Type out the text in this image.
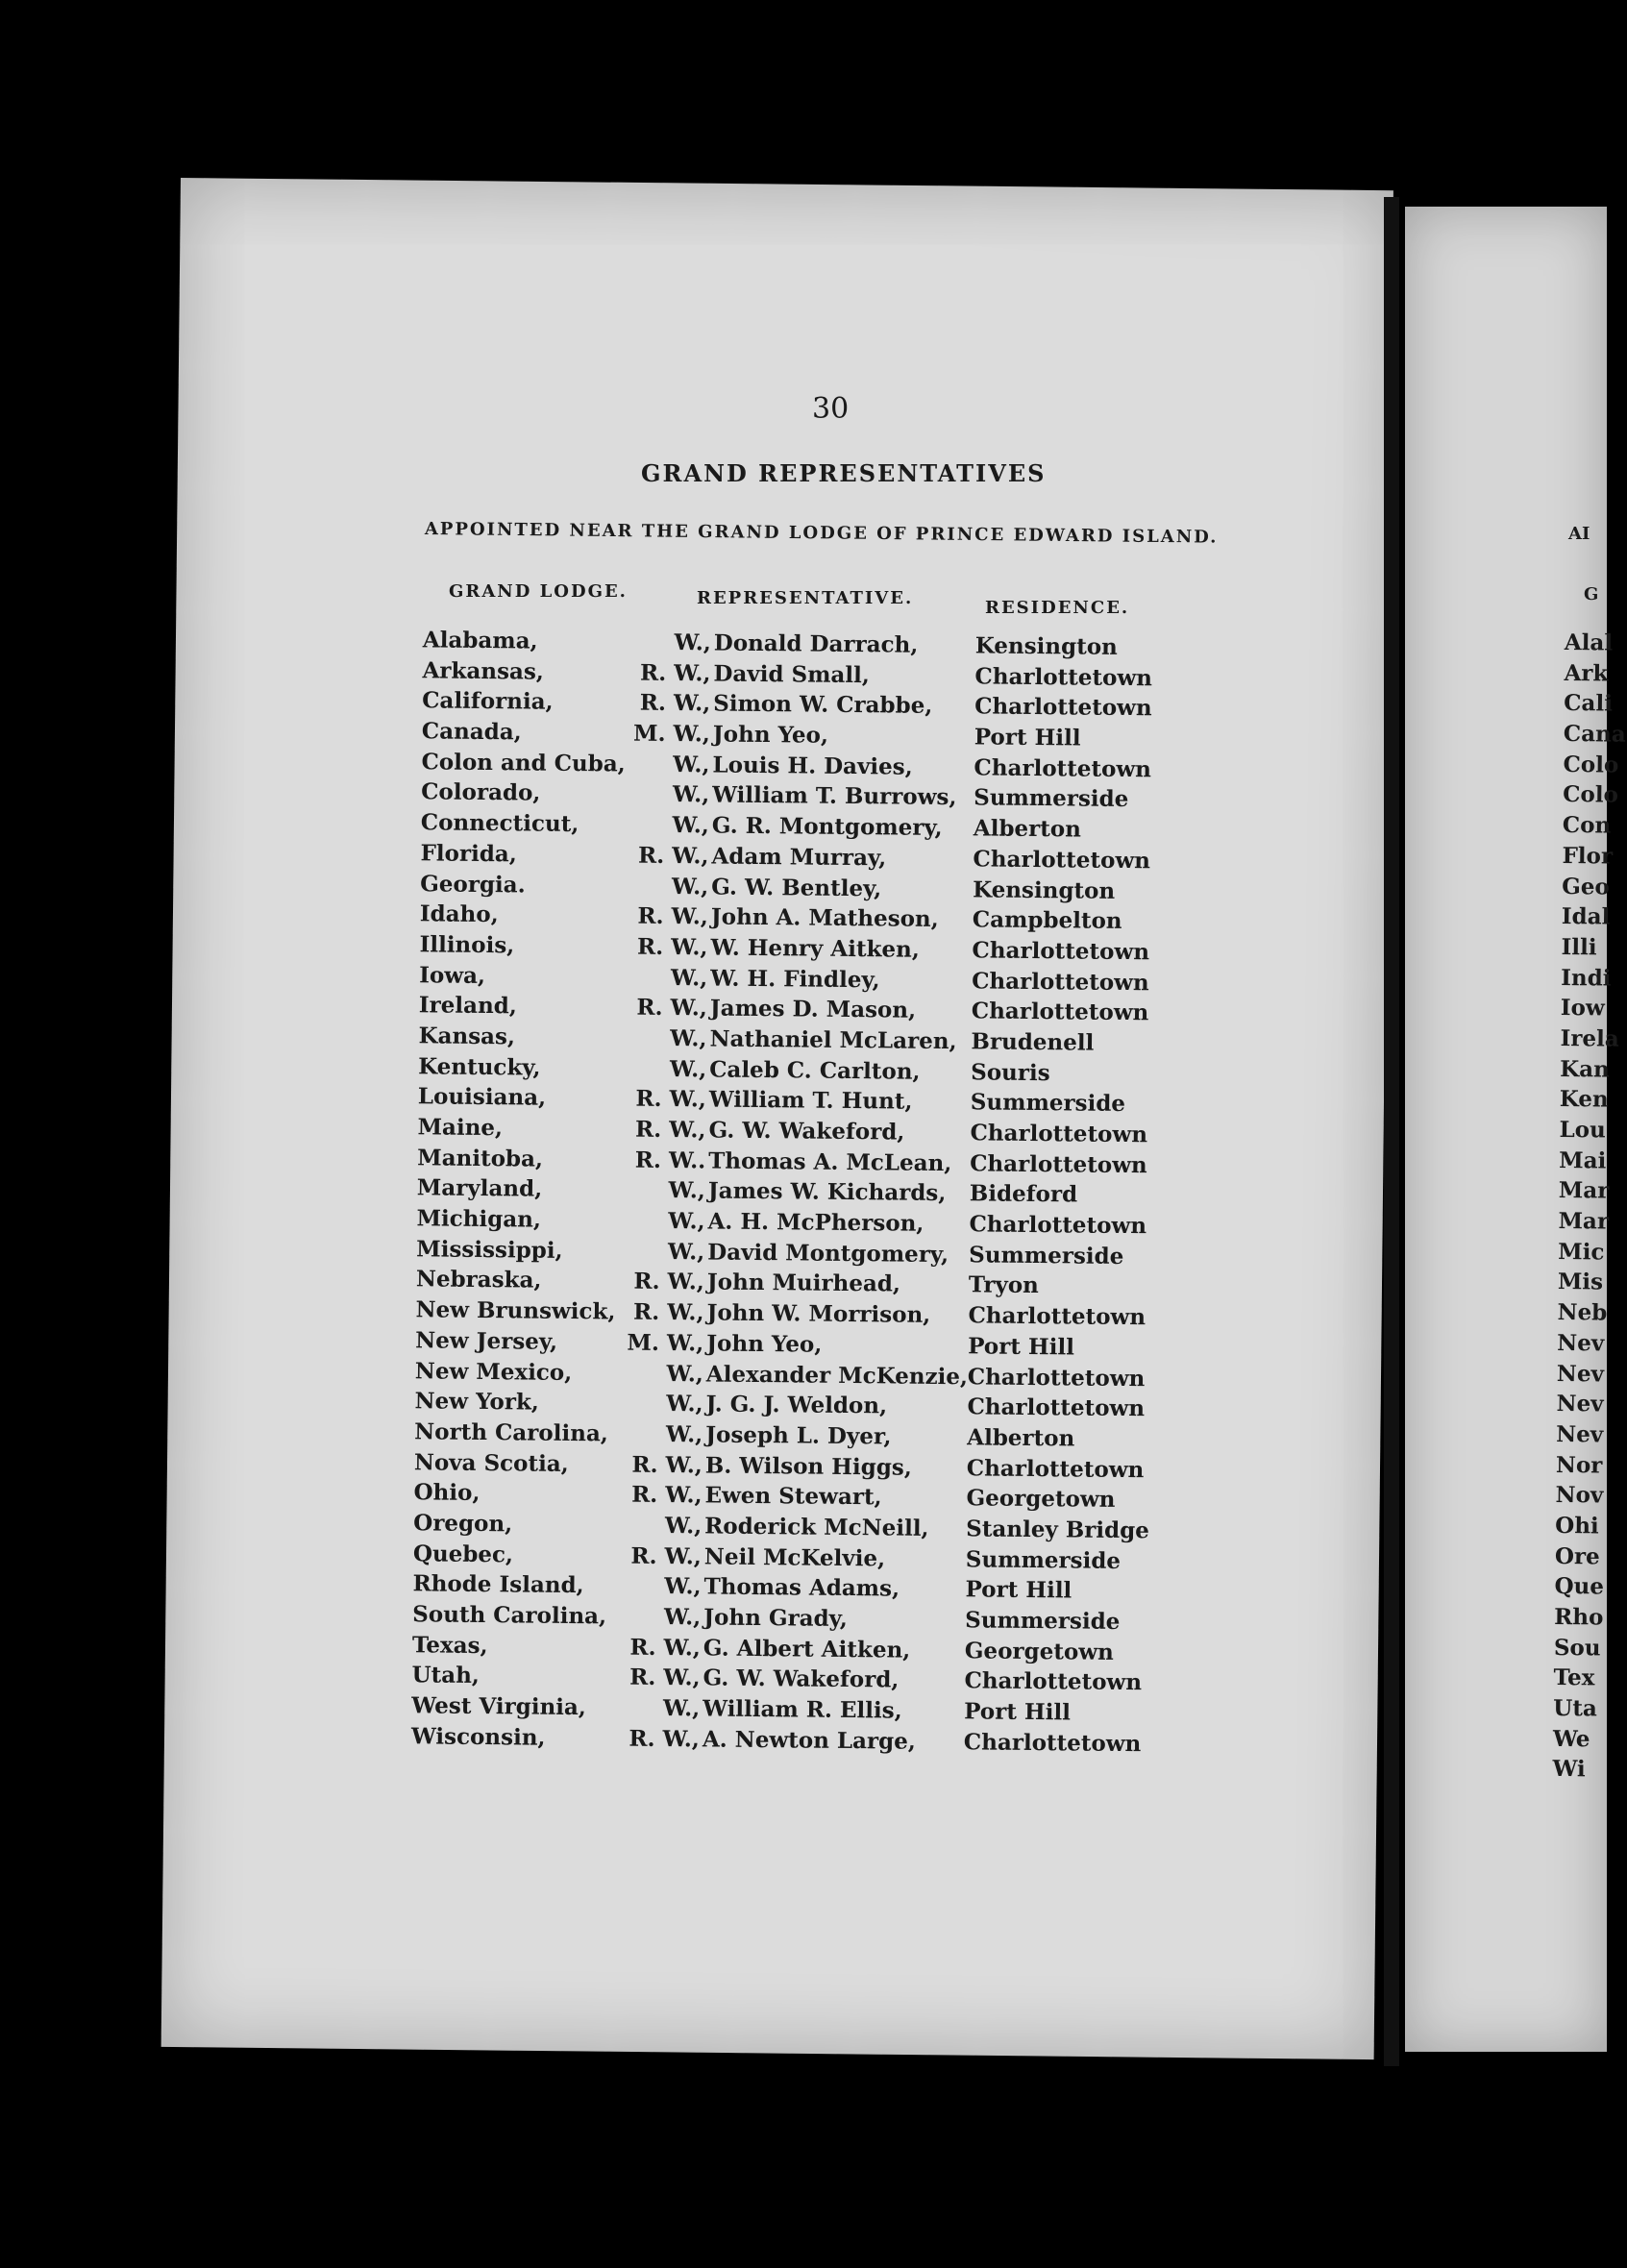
30
GRAND REPRESENTATIVES
APPOINTED NEAR THE GRAND LODGE OF PRINCE EDWARD ISLAND.
GRAND LODGE.	REPRESENTATIVE.	RESIDENCE.
Alabama,	W., Donald Darrach,	Kensington
Arkansas,	R. W., David Small,	Charlottetown
California,	R. W., Simon W. Crabbe, Charlottetown
Canada,	M. W., John Yeo,	Port Hill
Colon and Cuba,	W., Louis H. Davies,	Charlottetown
Colorado,	W., William T. Burrows, Summerside
Connecticut,	W., G. R. Montgomery, Alberton
Florida,	R. W., Adam Murray,	Charlottetown
Georgia.	W., G. W. Bentley,	Kensington
Idaho,	R. W., John A. Matheson, Campbelton
Illinois,	R. W., W. Henry Aitken, Charlottetown
Iowa,	W., W. H. Findley,	Charlottetown
Ireland,	R. W., James D. Mason, Charlottetown
Kansas,	W., Nathaniel McLaren, Brudenell
Kentucky,	W., Caleb C. Carlton, Souris
Louisiana,	R. W., William T. Hunt,	Summerside
Maine,	R. W., G. W. Wakeford,	Charlottetown
Manitoba,	R. W.. Thomas A. McLean, Charlottetown
Maryland,	W., James W. Kichards, Bideford
Michigan,	W., A. H. McPherson, Charlottetown
Mississippi,	W., David Montgomery, Summerside
Nebraska,	R. W., John Muirhead,	Tryon
New Brunswick, R. W., John W. Morrison, Charlottetown
New Jersey,	M. W., John Yeo,	Port Hill
New Mexico,	W., Alexander McKenzie, Charlottetown
New York,	W., J. G. J. Weldon,	Charlottetown
North Carolina,	W., Joseph L. Dyer,	Alberton
Nova Scotia,	R. W., B. Wilson Higgs, Charlottetown
Ohio,	R. W., Ewen Stewart,	Georgetown
Oregon,	W., Roderick McNeill, Stanley Bridge
Quebec,	R. W., Neil McKelvie,	Summerside
Rhode Island,	W., Thomas Adams,	Port Hill
South Carolina,	W., John Grady,	Summerside
Texas,	R. W., G. Albert Aitken, Georgetown
Utah,	R. W., G. W. Wakeford,	Charlottetown
West Virginia,	W., William R. Ellis,	Port Hill
Wisconsin,	R. W., A. Newton Large, Charlottetown
AI
G
Alal
Ark
Cali
Cana
Colo
Colo
Con
Flor
Geo
Idal
Illi
Indi
Iow
Irela
Kan
Ken
Lou
Mai
Mar
Mar
Mic
Mis
Neb
Nev
Nev
Nev
Nev
Nor
Nov
Ohi
Ore
Que
Rho
Sou
Tex
Uta
We
Wi
